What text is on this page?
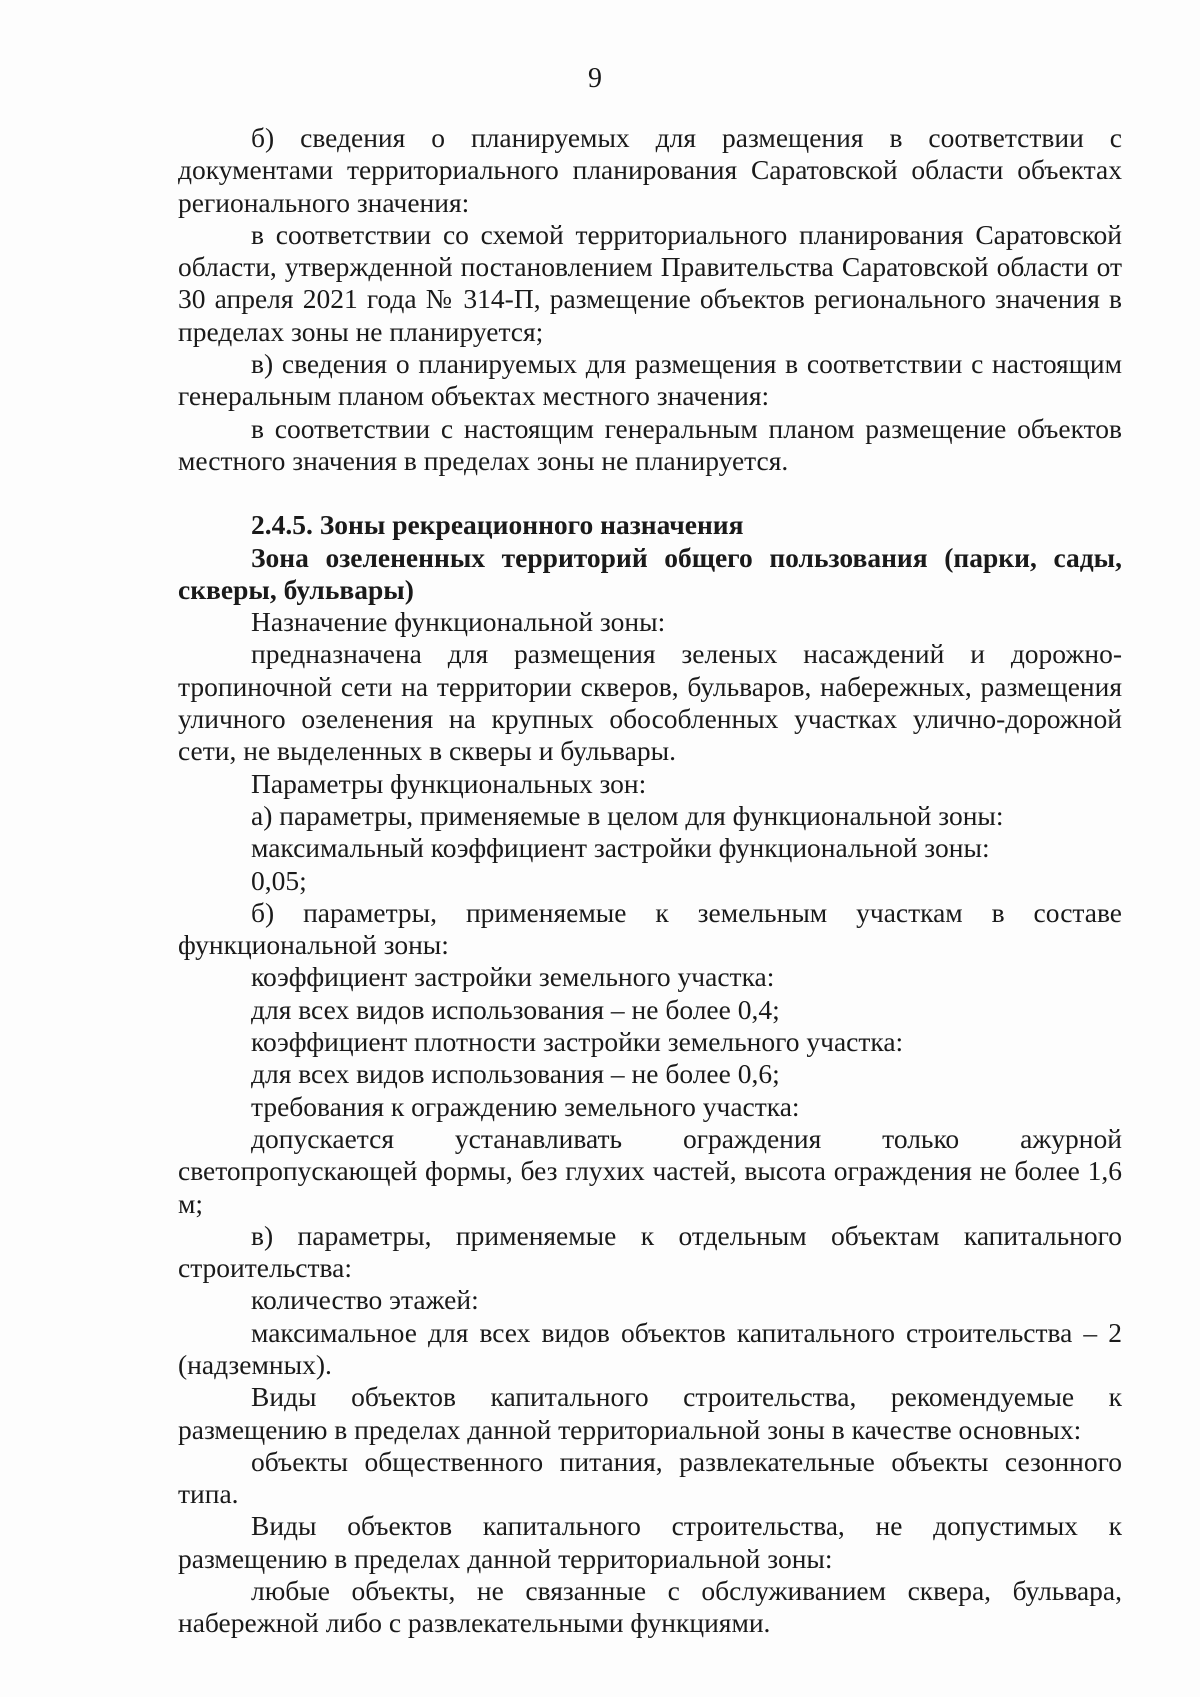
9

б) сведения о планируемых для размещения в соответствии с документами территориального планирования Саратовской области объектах регионального значения:

в соответствии со схемой территориального планирования Саратовской области, утвержденной постановлением Правительства Саратовской области от 30 апреля 2021 года № 314-П, размещение объектов регионального значения в пределах зоны не планируется;

в) сведения о планируемых для размещения в соответствии с настоящим генеральным планом объектах местного значения:

в соответствии с настоящим генеральным планом размещение объектов местного значения в пределах зоны не планируется.

2.4.5. Зоны рекреационного назначения

Зона озелененных территорий общего пользования (парки, сады, скверы, бульвары)

Назначение функциональной зоны:

предназначена для размещения зеленых насаждений и дорожно-тропиночной сети на территории скверов, бульваров, набережных, размещения уличного озеленения на крупных обособленных участках улично-дорожной сети, не выделенных в скверы и бульвары.

Параметры функциональных зон:

а) параметры, применяемые в целом для функциональной зоны:

максимальный коэффициент застройки функциональной зоны:

0,05;

б) параметры, применяемые к земельным участкам в составе функциональной зоны:

коэффициент застройки земельного участка:

для всех видов использования – не более 0,4;

коэффициент плотности застройки земельного участка:

для всех видов использования – не более 0,6;

требования к ограждению земельного участка:

допускается устанавливать ограждения только ажурной светопропускающей формы, без глухих частей, высота ограждения не более 1,6 м;

в) параметры, применяемые к отдельным объектам капитального строительства:

количество этажей:

максимальное для всех видов объектов капитального строительства – 2 (надземных).

Виды объектов капитального строительства, рекомендуемые к размещению в пределах данной территориальной зоны в качестве основных:

объекты общественного питания, развлекательные объекты сезонного типа.

Виды объектов капитального строительства, не допустимых к размещению в пределах данной территориальной зоны:

любые объекты, не связанные с обслуживанием сквера, бульвара, набережной либо с развлекательными функциями.
